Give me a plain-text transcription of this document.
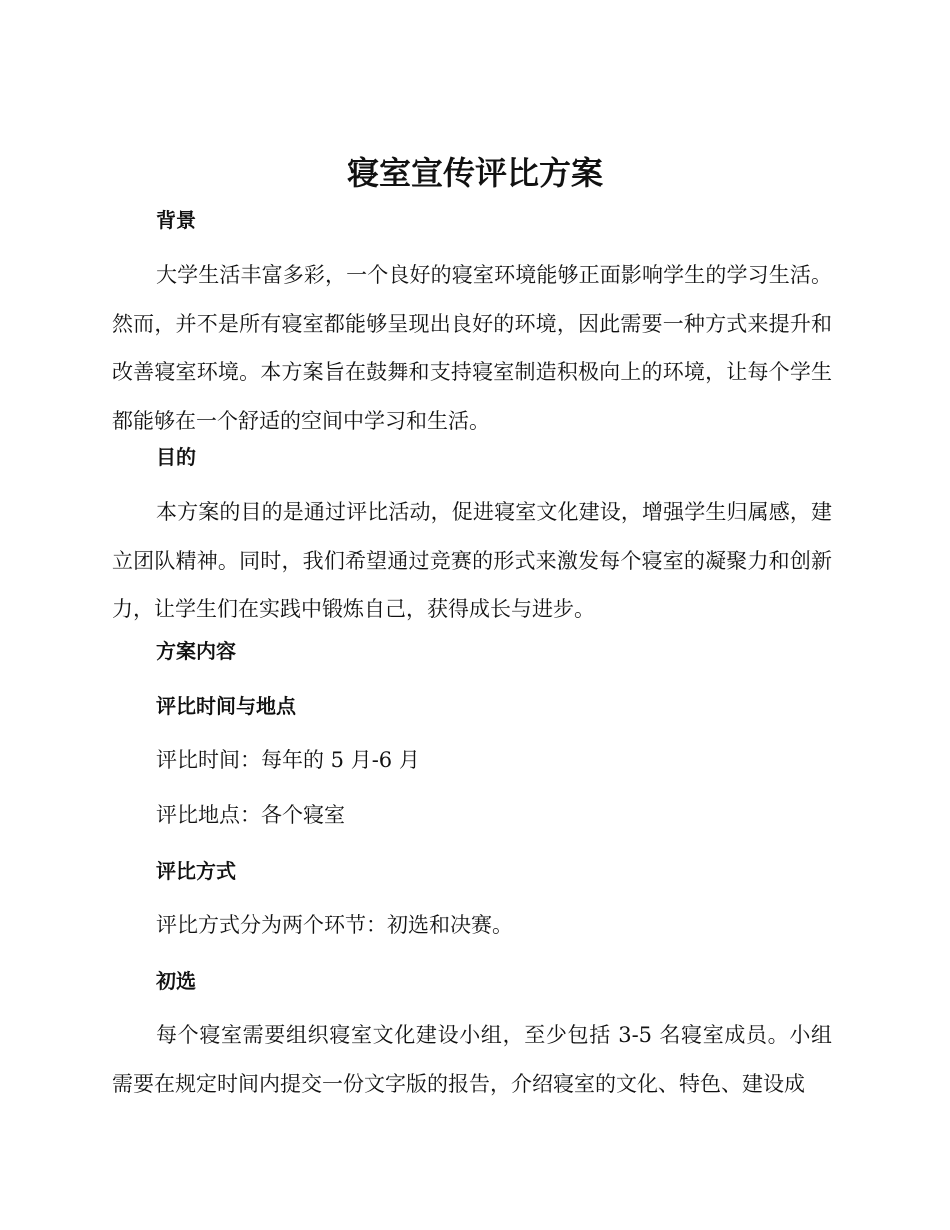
寝室宣传评比方案
背景

大学生活丰富多彩，一个良好的寝室环境能够正面影响学生的学习生活。然而，并不是所有寝室都能够呈现出良好的环境，因此需要一种方式来提升和改善寝室环境。本方案旨在鼓舞和支持寝室制造积极向上的环境，让每个学生都能够在一个舒适的空间中学习和生活。

目的

本方案的目的是通过评比活动，促进寝室文化建设，增强学生归属感，建立团队精神。同时，我们希望通过竞赛的形式来激发每个寝室的凝聚力和创新力，让学生们在实践中锻炼自己，获得成长与进步。

方案内容
评比时间与地点

评比时间：每年的 5 月-6 月

评比地点：各个寝室

评比方式

评比方式分为两个环节：初选和决赛。

初选

每个寝室需要组织寝室文化建设小组，至少包括 3-5 名寝室成员。小组需要在规定时间内提交一份文字版的报告，介绍寝室的文化、特色、建设成
